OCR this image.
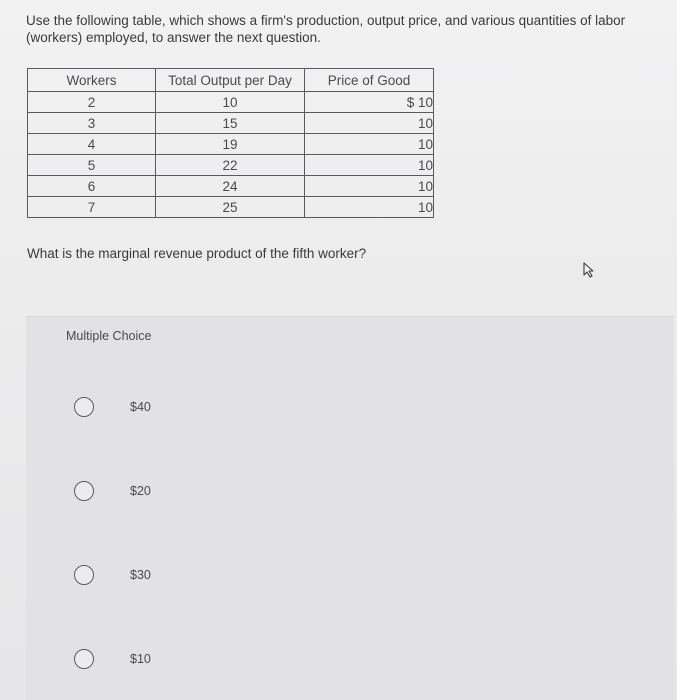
Use the following table, which shows a firm's production, output price, and various quantities of labor (workers) employed, to answer the next question.
Workers	Total Output per Day	Price of Good
2	10	$ 10
3	15	10
4	19	10
5	22	10
6	24	10
7	25	10
What is the marginal revenue product of the fifth worker?
Multiple Choice
$40
$20
$30
$10
